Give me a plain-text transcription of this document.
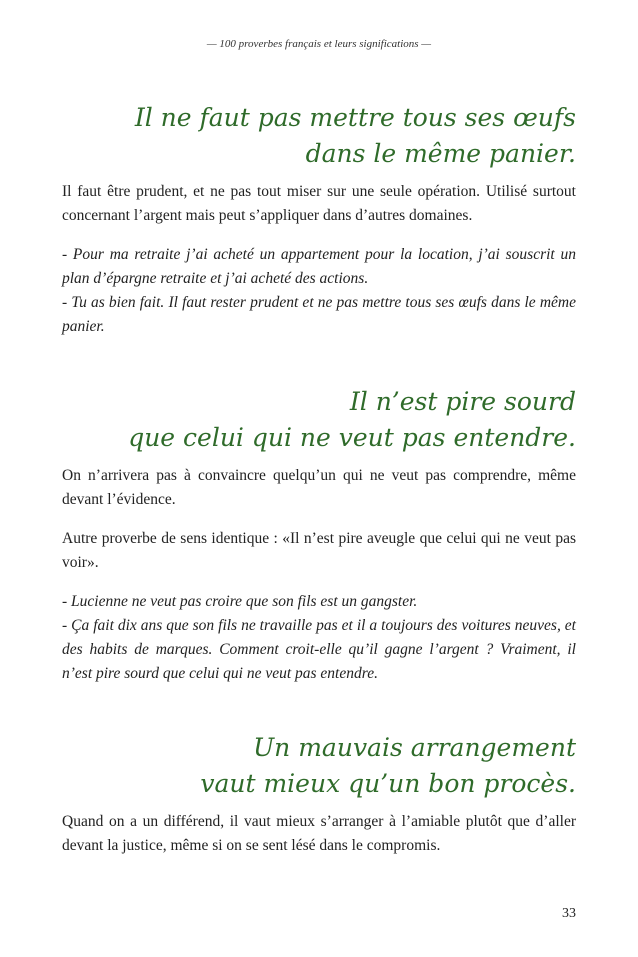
— 100 proverbes français et leurs significations —
Il ne faut pas mettre tous ses œufs
dans le même panier.

Il faut être prudent, et ne pas tout miser sur une seule opération. Utilisé surtout concernant l’argent mais peut s’appliquer dans d’autres domaines.

- Pour ma retraite j’ai acheté un appartement pour la location, j’ai souscrit un plan d’épargne retraite et j’ai acheté des actions.

- Tu as bien fait. Il faut rester prudent et ne pas mettre tous ses œufs dans le même panier.

Il n’est pire sourd
que celui qui ne veut pas entendre.

On n’arrivera pas à convaincre quelqu’un qui ne veut pas comprendre, même devant l’évidence.

Autre proverbe de sens identique : «Il n’est pire aveugle que celui qui ne veut pas voir».

- Lucienne ne veut pas croire que son fils est un gangster.

- Ça fait dix ans que son fils ne travaille pas et il a toujours des voitures neuves, et des habits de marques. Comment croit-elle qu’il gagne l’argent ? Vraiment, il n’est pire sourd que celui qui ne veut pas entendre.

Un mauvais arrangement
vaut mieux qu’un bon procès.

Quand on a un différend, il vaut mieux s’arranger à l’amiable plutôt que d’aller devant la justice, même si on se sent lésé dans le compromis.

33
